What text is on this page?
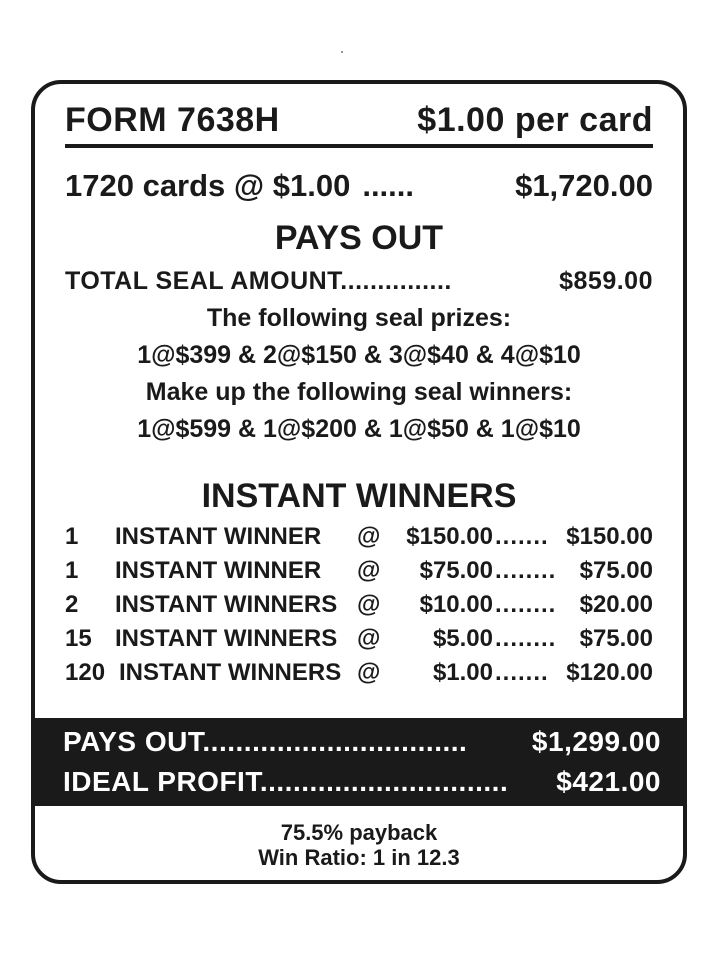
FORM 7638H	$1.00 per card
1720 cards @ $1.00 ......	$1,720.00
PAYS OUT
TOTAL SEAL AMOUNT...............	$859.00
The following seal prizes:
1@$399 & 2@$150 & 3@$40 & 4@$10
Make up the following seal winners:
1@$599 & 1@$200 & 1@$50 & 1@$10
INSTANT WINNERS
1 INSTANT WINNER @ $150.00 ....... $150.00
1 INSTANT WINNER @ $75.00 ........ $75.00
2 INSTANT WINNERS @ $10.00 ........ $20.00
15 INSTANT WINNERS @ $5.00 ........ $75.00
120 INSTANT WINNERS @ $1.00 ....... $120.00
PAYS OUT................................ $1,299.00
IDEAL PROFIT.............................. $421.00
75.5% payback
Win Ratio: 1 in 12.3
